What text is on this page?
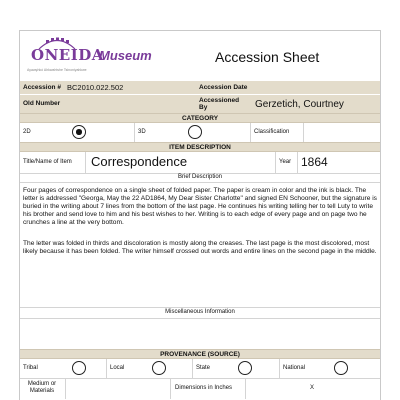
ONEIDA
Ayawęhkó Ahkwahtshe Tsinoniyahkwe
Museum	Accession Sheet
Accession # BC2010.022.502	Accession Date
Old Number	Accessioned By	Gerzetich, Courtney
CATEGORY
2D	3D	Classification
ITEM DESCRIPTION
Title/Name of Item Correspondence	Year 1864
Brief Description
Four pages of correspondence on a single sheet of folded paper. The paper is cream in color and the ink is black. The letter is addressed "Georga, May the 22 AD1864, My Dear Sister Charlotte" and signed EN Schooner, but the signature is buried in the writing about 7 lines from the bottom of the last page. He continues his writing telling her to tell Luty to write his brother and send love to him and his best wishes to her. Writing is to each edge of every page and on page two he crunches a line at the very bottom.
The letter was folded in thirds and discoloration is mostly along the creases. The last page is the most discolored, most likely because it has been folded. The writer himself crossed out words and entire lines on the second page in the middle.
Miscellaneous Information
PROVENANCE (SOURCE)
Tribal	Local	State	National
Medium or Materials	Dimensions in Inches	X
